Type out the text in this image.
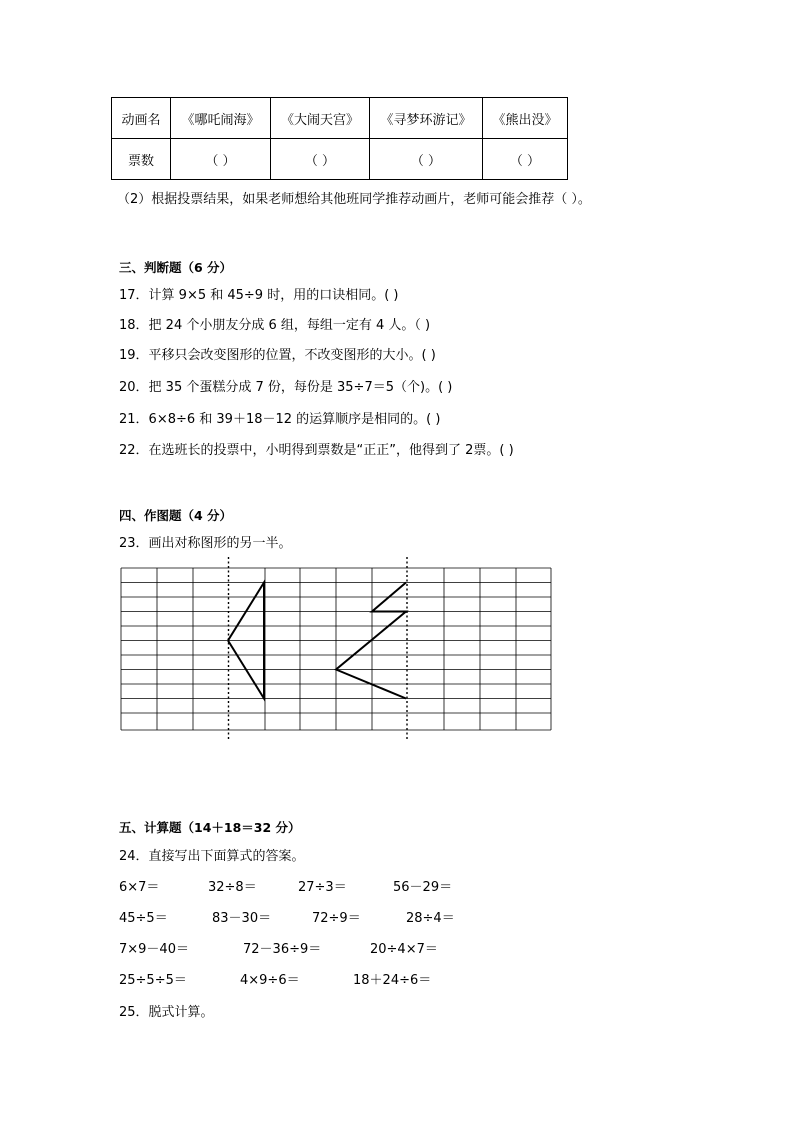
动画名	《哪吒闹海》	《大闹天宫》	《寻梦环游记》	《熊出没》
票数	（ ）	（ ）	（ ）	（ ）
（2）根据投票结果，如果老师想给其他班同学推荐动画片，老师可能会推荐（ ）。
三、判断题（6 分）
17．计算 9×5 和 45÷9 时，用的口诀相同。( )
18．把 24 个小朋友分成 6 组，每组一定有 4 人。（ )
19．平移只会改变图形的位置，不改变图形的大小。( )
20．把 35 个蛋糕分成 7 份，每份是 35÷7＝5（个)。( )
21．6×8÷6 和 39＋18－12 的运算顺序是相同的。( )
22．在选班长的投票中，小明得到票数是“正正”，他得到了 2票。( )
四、作图题（4 分）
23．画出对称图形的另一半。
五、计算题（14＋18＝32 分）
24．直接写出下面算式的答案。
6×7＝	32÷8＝	27÷3＝	56－29＝
45÷5＝	83－30＝	72÷9＝	28÷4＝
7×9－40＝	72－36÷9＝	20÷4×7＝
25÷5÷5＝	4×9÷6＝	18＋24÷6＝
25．脱式计算。
